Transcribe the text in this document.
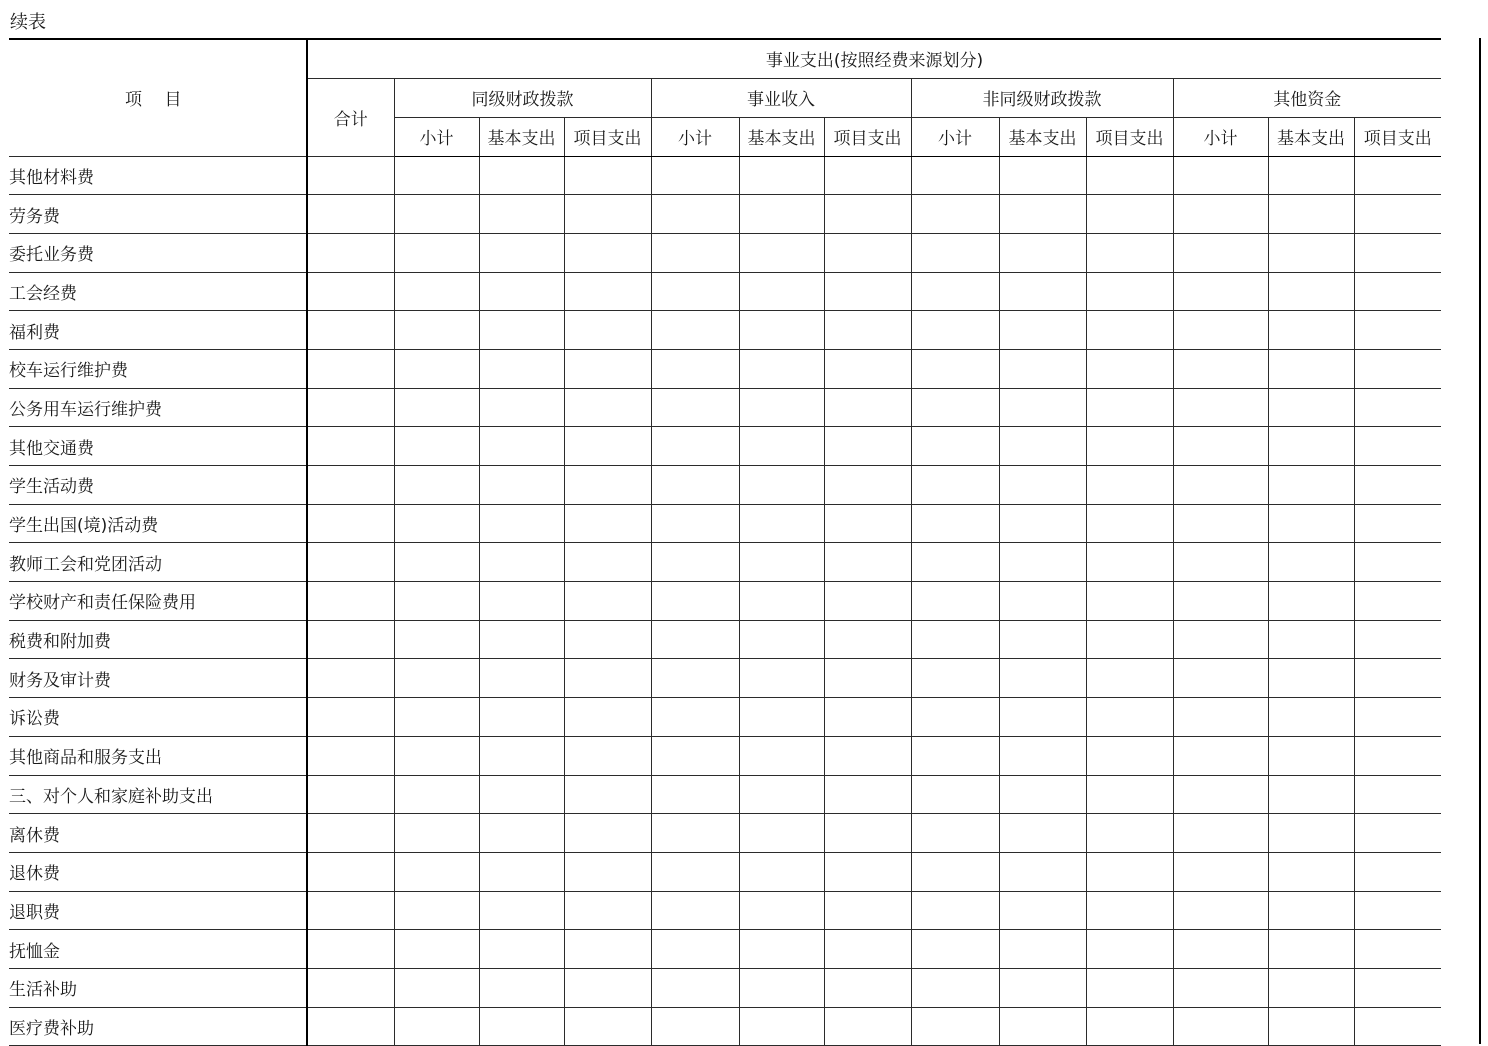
续表
项 目	事业支出(按照经费来源划分)												
	合计	同级财政拨款			事业收入			非同级财政拨款			其他资金		
		小计	基本支出	项目支出	小计	基本支出	项目支出	小计	基本支出	项目支出	小计	基本支出	项目支出
其他材料费													
劳务费													
委托业务费													
工会经费													
福利费													
校车运行维护费													
公务用车运行维护费													
其他交通费													
学生活动费													
学生出国(境)活动费													
教师工会和党团活动													
学校财产和责任保险费用													
税费和附加费													
财务及审计费													
诉讼费													
其他商品和服务支出													
三、对个人和家庭补助支出													
离休费													
退休费													
退职费													
抚恤金													
生活补助													
医疗费补助													
